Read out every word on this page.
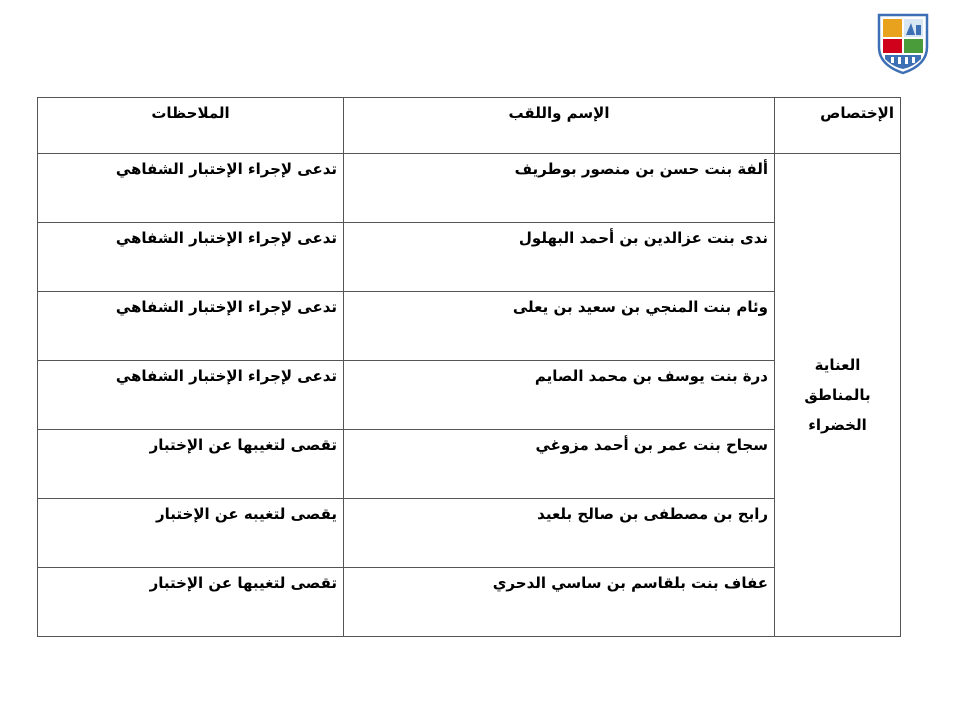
الإختصاص	الإسم واللقب	الملاحظات
العناية بالمناطق الخضراء	ألفة بنت حسن بن منصور بوطريف	تدعى لإجراء الإختبار الشفاهي
	ندى بنت عزالدين بن أحمد البهلول	تدعى لإجراء الإختبار الشفاهي
	وئام بنت المنجي بن سعيد بن يعلى	تدعى لإجراء الإختبار الشفاهي
	درة بنت يوسف بن محمد الصايم	تدعى لإجراء الإختبار الشفاهي
	سجاح بنت عمر بن أحمد مزوغي	تقصى لتغيبها عن الإختبار
	رابح بن مصطفى بن صالح بلعيد	يقصى لتغيبه عن الإختبار
	عفاف بنت بلقاسم بن ساسي الدحري	تقصى لتغيبها عن الإختبار
